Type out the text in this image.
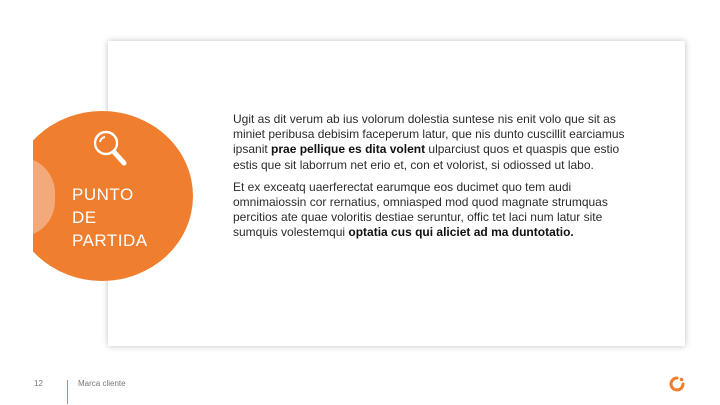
PUNTO
DE
PARTIDA

Ugit as dit verum ab ius volorum dolestia suntese nis enit volo que sit as miniet peribusa debisim faceperum latur, que nis dunto cuscillit earciamus ipsanit prae pellique es dita volent ulparciust quos et quaspis que estio estis que sit laborrum net erio et, con et volorist, si odiossed ut labo.

Et ex exceatq uaerferectat earumque eos ducimet quo tem audi omnimaiossin cor rernatius, omniasped mod quod magnate strumquas percitios ate quae voloritis destiae seruntur, offic tet laci num latur site sumquis volestemqui optatia cus qui aliciet ad ma duntotatio.

12	Marca cliente
